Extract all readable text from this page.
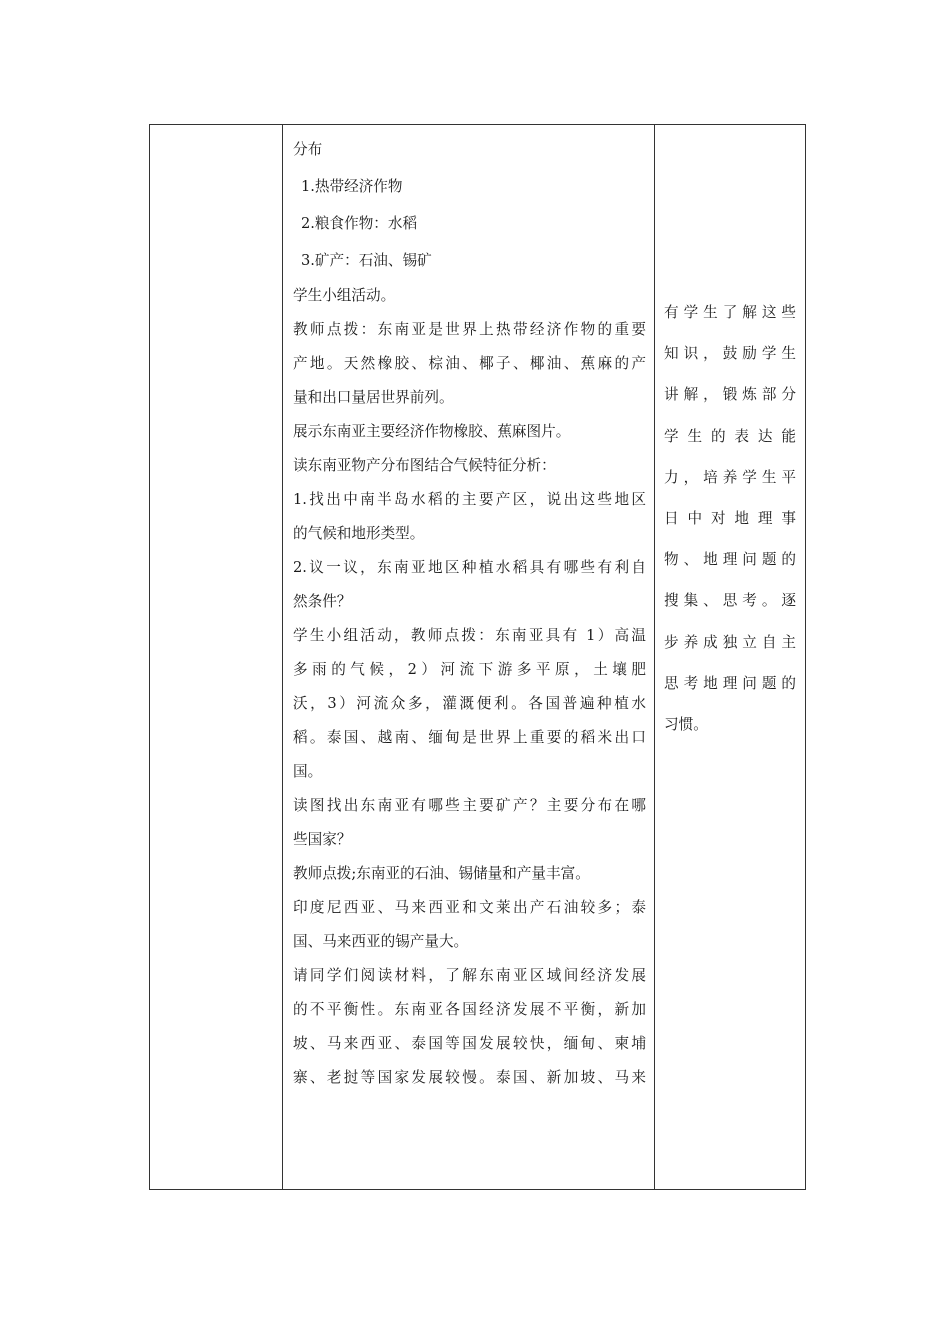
分布
1.热带经济作物
2.粮食作物：水稻
3.矿产：石油、锡矿
学生小组活动。
教师点拨：东南亚是世界上热带经济作物的重要
产地。天然橡胶、棕油、椰子、椰油、蕉麻的产
量和出口量居世界前列。
展示东南亚主要经济作物橡胶、蕉麻图片。
读东南亚物产分布图结合气候特征分析：
1.找出中南半岛水稻的主要产区，说出这些地区
的气候和地形类型。
2.议一议，东南亚地区种植水稻具有哪些有利自
然条件？
学生小组活动，教师点拨：东南亚具有 1）高温
多雨的气候，2）河流下游多平原，土壤肥
沃，3）河流众多，灌溉便利。各国普遍种植水
稻。泰国、越南、缅甸是世界上重要的稻米出口
国。
读图找出东南亚有哪些主要矿产？主要分布在哪
些国家？
教师点拨;东南亚的石油、锡储量和产量丰富。
印度尼西亚、马来西亚和文莱出产石油较多；泰
国、马来西亚的锡产量大。
请同学们阅读材料，了解东南亚区域间经济发展
的不平衡性。东南亚各国经济发展不平衡，新加
坡、马来西亚、泰国等国发展较快，缅甸、柬埔
寨、老挝等国家发展较慢。泰国、新加坡、马来

有学生了解这些
知识，鼓励学生
讲解，锻炼部分
学生的表达能
力，培养学生平
日中对地理事
物、地理问题的
搜集、思考。逐
步养成独立自主
思考地理问题的
习惯。
